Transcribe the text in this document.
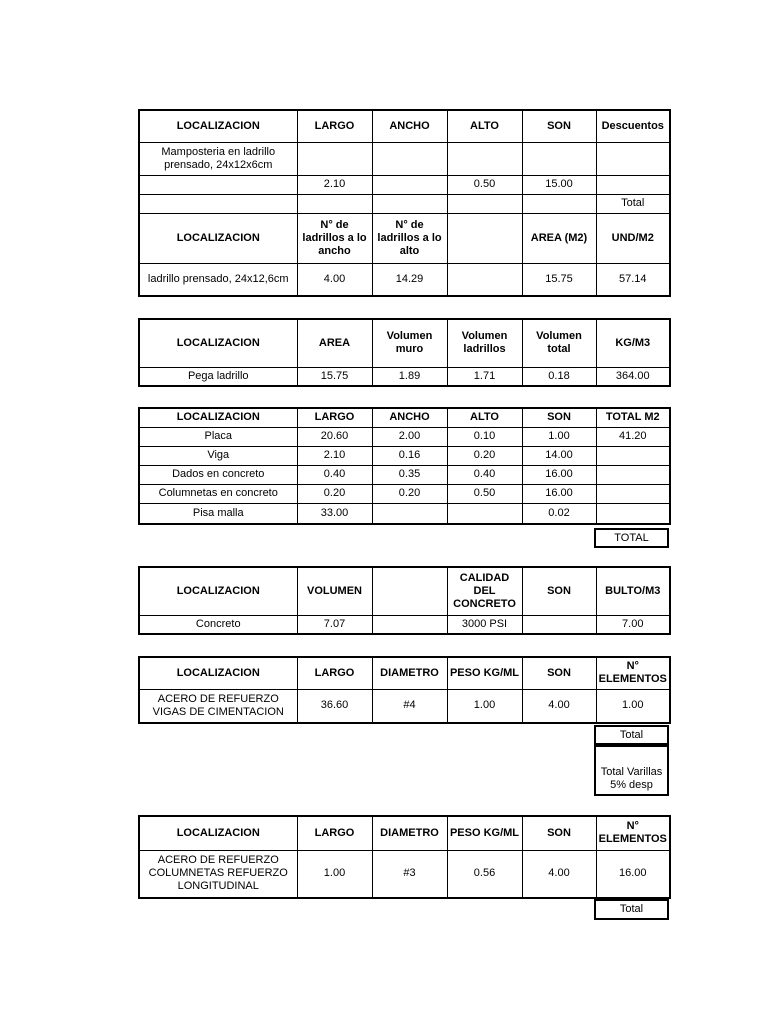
LOCALIZACION	LARGO	ANCHO	ALTO	SON	Descuentos
Mamposteria en ladrillo prensado, 24x12x6cm					
	2.10		0.50	15.00	
					Total
LOCALIZACION	N° de ladrillos a lo ancho	N° de ladrillos a lo alto		AREA (M2)	UND/M2
ladrillo prensado, 24x12,6cm	4.00	14.29		15.75	57.14
LOCALIZACION	AREA	Volumen muro	Volumen ladrillos	Volumen total	KG/M3
Pega ladrillo	15.75	1.89	1.71	0.18	364.00
LOCALIZACION	LARGO	ANCHO	ALTO	SON	TOTAL M2
Placa	20.60	2.00	0.10	1.00	41.20
Viga	2.10	0.16	0.20	14.00	
Dados en concreto	0.40	0.35	0.40	16.00	
Columnetas en concreto	0.20	0.20	0.50	16.00	
Pisa malla	33.00			0.02	
TOTAL
LOCALIZACION	VOLUMEN		CALIDAD DEL CONCRETO	SON	BULTO/M3
Concreto	7.07		3000 PSI		7.00
LOCALIZACION	LARGO	DIAMETRO	PESO KG/ML	SON	N° ELEMENTOS
ACERO DE REFUERZO VIGAS DE CIMENTACION	36.60	#4	1.00	4.00	1.00
Total
Total Varillas 5% desp
LOCALIZACION	LARGO	DIAMETRO	PESO KG/ML	SON	N° ELEMENTOS
ACERO DE REFUERZO COLUMNETAS REFUERZO LONGITUDINAL	1.00	#3	0.56	4.00	16.00
Total
